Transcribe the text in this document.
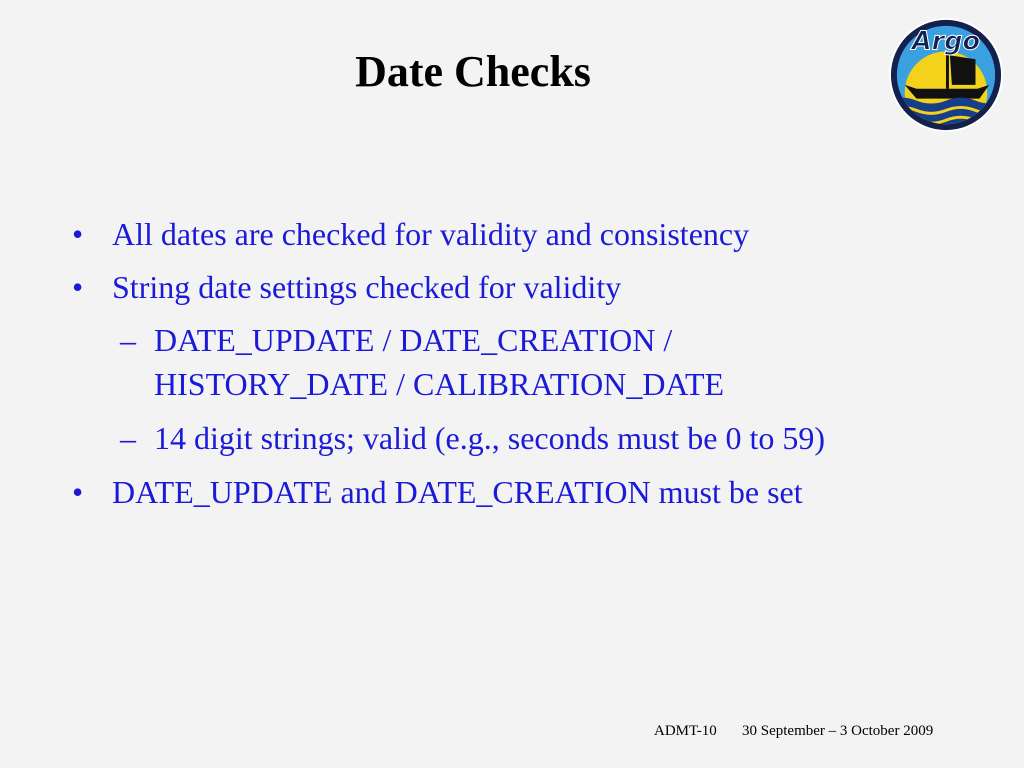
Date Checks
Argo
• All dates are checked for validity and consistency
• String date settings checked for validity
– DATE_UPDATE / DATE_CREATION /
HISTORY_DATE / CALIBRATION_DATE
– 14 digit strings; valid (e.g., seconds must be 0 to 59)
• DATE_UPDATE and DATE_CREATION must be set
ADMT-10 30 September – 3 October 2009
